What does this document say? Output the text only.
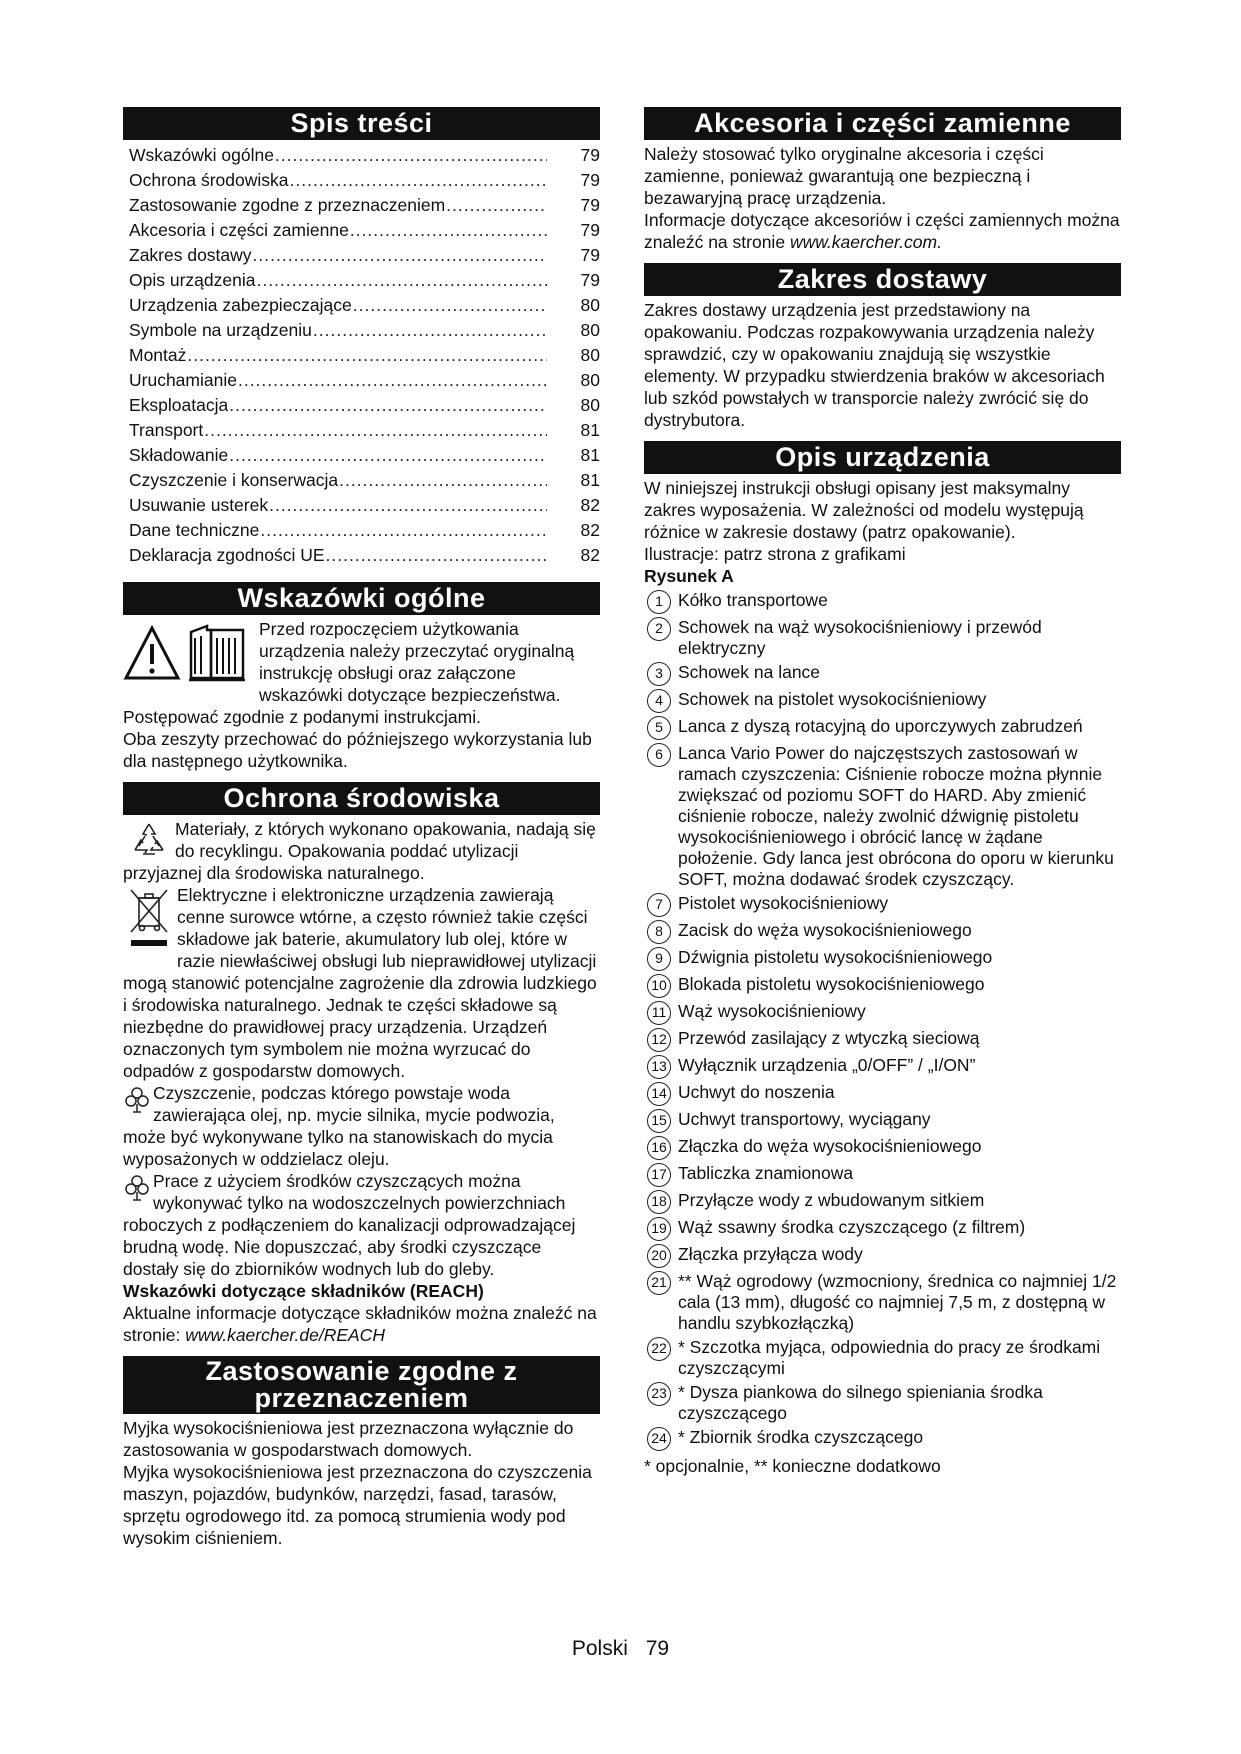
Spis treści
Wskazówki ogólne .....	79
Ochrona środowiska .....	79
Zastosowanie zgodne z przeznaczeniem .....	79
Akcesoria i części zamienne .....	79
Zakres dostawy .....	79
Opis urządzenia .....	79
Urządzenia zabezpieczające .....	80
Symbole na urządzeniu .....	80
Montaż .....	80
Uruchamianie .....	80
Eksploatacja .....	80
Transport .....	81
Składowanie .....	81
Czyszczenie i konserwacja .....	81
Usuwanie usterek .....	82
Dane techniczne .....	82
Deklaracja zgodności UE .....	82
Wskazówki ogólne

Przed rozpoczęciem użytkowania urządzenia należy przeczytać oryginalną instrukcję obsługi oraz załączone wskazówki dotyczące bezpieczeństwa. Postępować zgodnie z podanymi instrukcjami.

Oba zeszyty przechować do późniejszego wykorzystania lub dla następnego użytkownika.

Ochrona środowiska

Materiały, z których wykonano opakowania, nadają się do recyklingu. Opakowania poddać utylizacji przyjaznej dla środowiska naturalnego.

Elektryczne i elektroniczne urządzenia zawierają cenne surowce wtórne, a często również takie części składowe jak baterie, akumulatory lub olej, które w razie niewłaściwej obsługi lub nieprawidłowej utylizacji mogą stanowić potencjalne zagrożenie dla zdrowia ludzkiego i środowiska naturalnego. Jednak te części składowe są niezbędne do prawidłowej pracy urządzenia. Urządzeń oznaczonych tym symbolem nie można wyrzucać do odpadów z gospodarstw domowych.

Czyszczenie, podczas którego powstaje woda zawierająca olej, np. mycie silnika, mycie podwozia, może być wykonywane tylko na stanowiskach do mycia wyposażonych w oddzielacz oleju.

Prace z użyciem środków czyszczących można wykonywać tylko na wodoszczelnych powierzchniach roboczych z podłączeniem do kanalizacji odprowadzającej brudną wodę. Nie dopuszczać, aby środki czyszczące dostały się do zbiorników wodnych lub do gleby.

Wskazówki dotyczące składników (REACH)

Aktualne informacje dotyczące składników można znaleźć na stronie: www.kaercher.de/REACH

Zastosowanie zgodne z przeznaczeniem

Myjka wysokociśnieniowa jest przeznaczona wyłącznie do zastosowania w gospodarstwach domowych.

Myjka wysokociśnieniowa jest przeznaczona do czyszczenia maszyn, pojazdów, budynków, narzędzi, fasad, tarasów, sprzętu ogrodowego itd. za pomocą strumienia wody pod wysokim ciśnieniem.

Akcesoria i części zamienne

Należy stosować tylko oryginalne akcesoria i części zamienne, ponieważ gwarantują one bezpieczną i bezawaryjną pracę urządzenia.

Informacje dotyczące akcesoriów i części zamiennych można znaleźć na stronie www.kaercher.com.

Zakres dostawy

Zakres dostawy urządzenia jest przedstawiony na opakowaniu. Podczas rozpakowywania urządzenia należy sprawdzić, czy w opakowaniu znajdują się wszystkie elementy. W przypadku stwierdzenia braków w akcesoriach lub szkód powstałych w transporcie należy zwrócić się do dystrybutora.

Opis urządzenia

W niniejszej instrukcji obsługi opisany jest maksymalny zakres wyposażenia. W zależności od modelu występują różnice w zakresie dostawy (patrz opakowanie).

Ilustracje: patrz strona z grafikami

Rysunek A

1 Kółko transportowe
2 Schowek na wąż wysokociśnieniowy i przewód elektryczny
3 Schowek na lance
4 Schowek na pistolet wysokociśnieniowy
5 Lanca z dyszą rotacyjną do uporczywych zabrudzeń
6 Lanca Vario Power do najczęstszych zastosowań w ramach czyszczenia: Ciśnienie robocze można płynnie zwiększać od poziomu SOFT do HARD. Aby zmienić ciśnienie robocze, należy zwolnić dźwignię pistoletu wysokociśnieniowego i obrócić lancę w żądane położenie. Gdy lanca jest obrócona do oporu w kierunku SOFT, można dodawać środek czyszczący.
7 Pistolet wysokociśnieniowy
8 Zacisk do węża wysokociśnieniowego
9 Dźwignia pistoletu wysokociśnieniowego
10 Blokada pistoletu wysokociśnieniowego
11 Wąż wysokociśnieniowy
12 Przewód zasilający z wtyczką sieciową
13 Wyłącznik urządzenia „0/OFF” / „I/ON”
14 Uchwyt do noszenia
15 Uchwyt transportowy, wyciągany
16 Złączka do węża wysokociśnieniowego
17 Tabliczka znamionowa
18 Przyłącze wody z wbudowanym sitkiem
19 Wąż ssawny środka czyszczącego (z filtrem)
20 Złączka przyłącza wody
21 ** Wąż ogrodowy (wzmocniony, średnica co najmniej 1/2 cala (13 mm), długość co najmniej 7,5 m, z dostępną w handlu szybkozłączką)
22 * Szczotka myjąca, odpowiednia do pracy ze środkami czyszczącymi
23 * Dysza piankowa do silnego spieniania środka czyszczącego
24 * Zbiornik środka czyszczącego

* opcjonalnie, ** konieczne dodatkowo

Polski 79
